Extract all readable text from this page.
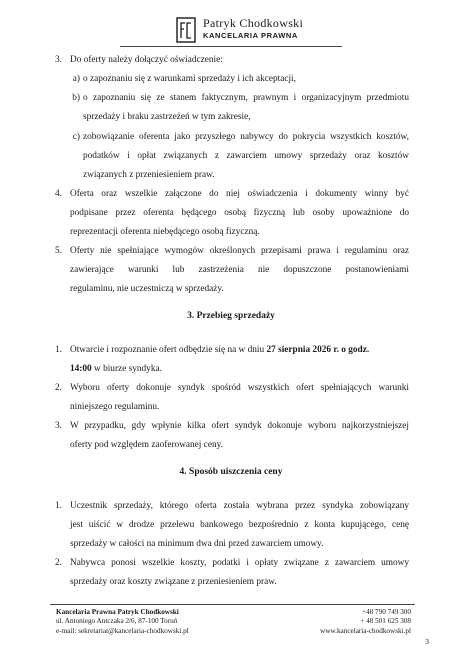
Patryk Chodkowski
KANCELARIA PRAWNA
3. Do oferty należy dołączyć oświadczenie:
a) o zapoznaniu się z warunkami sprzedaży i ich akceptacji,
b) o zapoznaniu się ze stanem faktycznym, prawnym i organizacyjnym przedmiotu
sprzedaży i braku zastrzeżeń w tym zakresie,
c) zobowiązanie oferenta jako przyszłego nabywcy do pokrycia wszystkich kosztów,
podatków i opłat związanych z zawarciem umowy sprzedaży oraz kosztów
związanych z przeniesieniem praw.
4. Oferta oraz wszelkie załączone do niej oświadczenia i dokumenty winny być
podpisane przez oferenta będącego osobą fizyczną lub osoby upoważnione do
reprezentacji oferenta niebędącego osobą fizyczną.
5. Oferty nie spełniające wymogów określonych przepisami prawa i regulaminu oraz
zawierające warunki lub zastrzeżenia nie dopuszczone postanowieniami
regulaminu, nie uczestniczą w sprzedaży.
3. Przebieg sprzedaży
1. Otwarcie i rozpoznanie ofert odbędzie się na w dniu 27 sierpnia 2026 r. o godz.
14:00 w biurze syndyka.
2. Wyboru oferty dokonuje syndyk spośród wszystkich ofert spełniających warunki
niniejszego regulaminu.
3. W przypadku, gdy wpłynie kilka ofert syndyk dokonuje wyboru najkorzystniejszej
oferty pod względem zaoferowanej ceny.
4. Sposób uiszczenia ceny
1. Uczestnik sprzedaży, którego oferta została wybrana przez syndyka zobowiązany
jest uiścić w drodze przelewu bankowego bezpośrednio z konta kupującego, cenę
sprzedaży w całości na minimum dwa dni przed zawarciem umowy.
2. Nabywca ponosi wszelkie koszty, podatki i opłaty związane z zawarciem umowy
sprzedaży oraz koszty związane z przeniesieniem praw.
Kancelaria Prawna Patryk Chodkowski
ul. Antoniego Antczaka 2/6, 87-100 Toruń
e-mail: sekretariat@kancelaria-chodkowski.pl
+48 790 749 300
+ 48 501 625 308
www.kancelaria-chodkowski.pl
3
